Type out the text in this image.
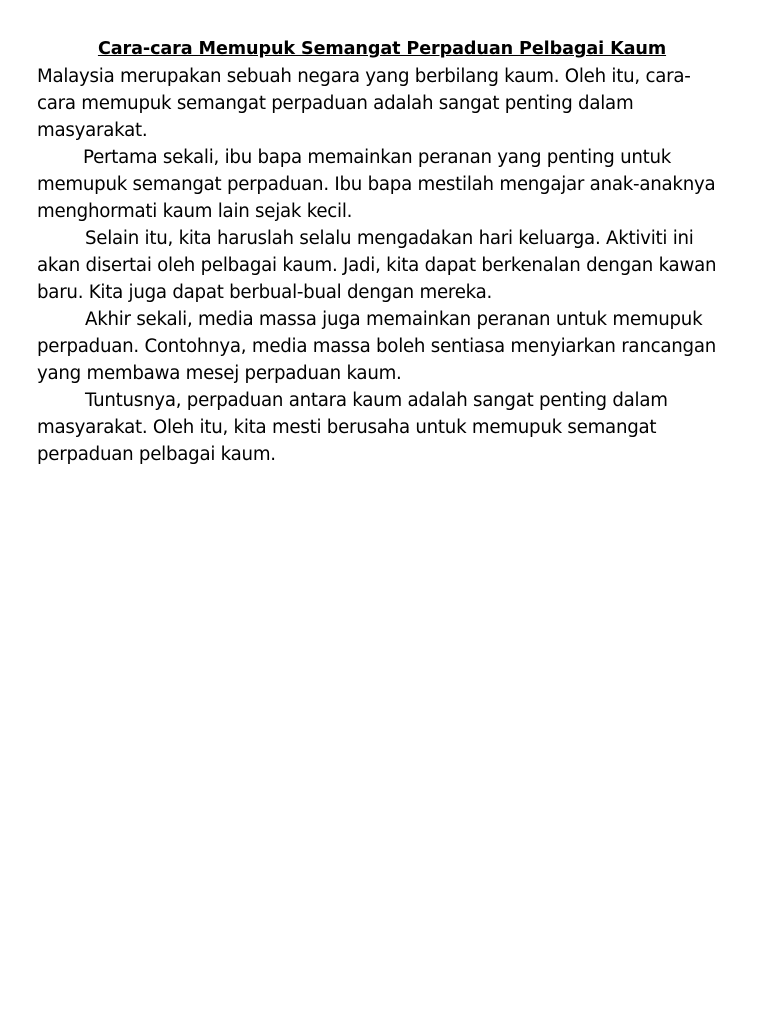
Cara-cara Memupuk Semangat Perpaduan Pelbagai Kaum

Malaysia merupakan sebuah negara yang berbilang kaum. Oleh itu, cara-cara memupuk semangat perpaduan adalah sangat penting dalam masyarakat.

Pertama sekali, ibu bapa memainkan peranan yang penting untuk memupuk semangat perpaduan. Ibu bapa mestilah mengajar anak-anaknya menghormati kaum lain sejak kecil.

Selain itu, kita haruslah selalu mengadakan hari keluarga. Aktiviti ini akan disertai oleh pelbagai kaum. Jadi, kita dapat berkenalan dengan kawan baru. Kita juga dapat berbual-bual dengan mereka.

Akhir sekali, media massa juga memainkan peranan untuk memupuk perpaduan. Contohnya, media massa boleh sentiasa menyiarkan rancangan yang membawa mesej perpaduan kaum.

Tuntusnya, perpaduan antara kaum adalah sangat penting dalam masyarakat. Oleh itu, kita mesti berusaha untuk memupuk semangat perpaduan pelbagai kaum.
